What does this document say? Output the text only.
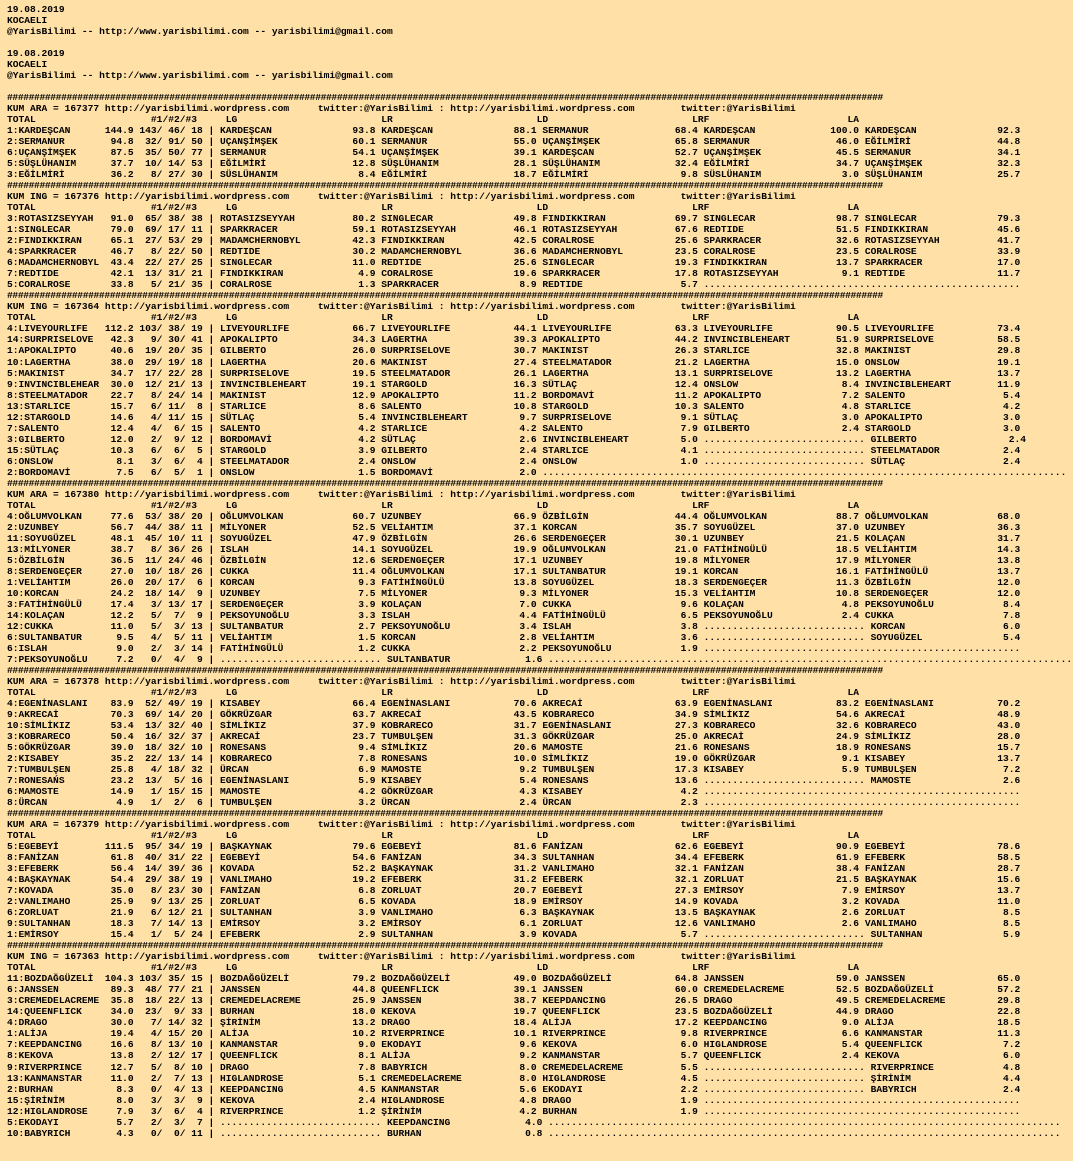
19.08.2019
KOCAELI
@YarisBilimi -- http://www.yarisbilimi.com -- yarisbilimi@gmail.com
19.08.2019
KOCAELI
@YarisBilimi -- http://www.yarisbilimi.com -- yarisbilimi@gmail.com
##################################################################################################################################################################
KUM ARA = 167377 http://yarisbilimi.wordpress.com     twitter:@YarisBilimi : http://yarisbilimi.wordpress.com        twitter:@YarisBilimi
TOTAL                    #1/#2/#3     LG                         LR                         LD                         LRF                        LA
1:KARDEŞCAN      144.9 143/ 46/ 18 | KARDEŞCAN              93.8 KARDEŞCAN              88.1 SERMANUR               68.4 KARDEŞCAN             100.0 KARDEŞCAN              92.3
2:SERMANUR        94.8  32/ 91/ 50 | UÇANŞİMŞEK             60.1 SERMANUR               55.0 UÇANŞİMŞEK             65.8 SERMANUR               46.0 EĞİLMİRİ               44.8
6:UÇANŞİMŞEK      87.5  35/ 50/ 77 | SERMANUR               54.1 UÇANŞİMŞEK             39.1 KARDEŞCAN              52.7 UÇANŞİMŞEK             45.5 SERMANUR               34.1
5:SÜŞLÜHANIM      37.7  10/ 14/ 53 | EĞİLMİRİ               12.8 SÜŞLÜHANIM             28.1 SÜŞLÜHANIM             32.4 EĞİLMİRİ               34.7 UÇANŞİMŞEK             32.3
3:EĞİLMİRİ        36.2   8/ 27/ 30 | SÜSLÜHANIM              8.4 EĞİLMİRİ               18.7 EĞİLMİRİ                9.8 SÜSLÜHANIM              3.0 SÜŞLÜHANIM             25.7
##################################################################################################################################################################
KUM ING = 167376 http://yarisbilimi.wordpress.com     twitter:@YarisBilimi : http://yarisbilimi.wordpress.com        twitter:@YarisBilimi
TOTAL                    #1/#2/#3     LG                         LR                         LD                         LRF                        LA
3:ROTASIZSEYYAH   91.0  65/ 38/ 38 | ROTASIZSEYYAH          80.2 SINGLECAR              49.8 FINDIKKIRAN            69.7 SINGLECAR              98.7 SINGLECAR              79.3
1:SINGLECAR       79.0  69/ 17/ 11 | SPARKRACER             59.1 ROTASIZSEYYAH          46.1 ROTASIZSEYYAH          67.6 REDTIDE                51.5 FINDIKKIRAN            45.6
2:FINDIKKIRAN     65.1  27/ 53/ 29 | MADAMCHERNOBYL         42.3 FINDIKKIRAN            42.5 CORALROSE              25.6 SPARKRACER             32.6 ROTASIZSEYYAH          41.7
4:SPARKRACER      46.7   8/ 22/ 50 | REDTIDE                30.2 MADAMCHERNOBYL         36.6 MADAMCHERNOBYL         23.5 CORALROSE              23.5 CORALROSE              33.9
6:MADAMCHERNOBYL  43.4  22/ 27/ 25 | SINGLECAR              11.0 REDTIDE                25.6 SINGLECAR              19.3 FINDIKKIRAN            13.7 SPARKRACER             17.0
7:REDTIDE         42.1  13/ 31/ 21 | FINDIKKIRAN             4.9 CORALROSE              19.6 SPARKRACER             17.8 ROTASIZSEYYAH           9.1 REDTIDE                11.7
5:CORALROSE       33.8   5/ 21/ 35 | CORALROSE               1.3 SPARKRACER              8.9 REDTIDE                 5.7 .......................................................
##################################################################################################################################################################
KUM ING = 167364 http://yarisbilimi.wordpress.com     twitter:@YarisBilimi : http://yarisbilimi.wordpress.com        twitter:@YarisBilimi
TOTAL                    #1/#2/#3     LG                         LR                         LD                         LRF                        LA
4:LIVEYOURLIFE   112.2 103/ 38/ 19 | LIVEYOURLIFE           66.7 LIVEYOURLIFE           44.1 LIVEYOURLIFE           63.3 LIVEYOURLIFE           90.5 LIVEYOURLIFE           73.4
14:SURPRISELOVE   42.3   9/ 30/ 41 | APOKALIPTO             34.3 LAGERTHA               39.3 APOKALIPTO             44.2 INVINCIBLEHEART        51.9 SURPRISELOVE           58.5
1:APOKALIPTO      40.6  19/ 20/ 35 | GILBERTO               26.0 SURPRISELOVE           30.7 MAKINIST               26.3 STARLICE               32.8 MAKINIST               29.8
10:LAGERTHA       38.0  29/ 19/ 18 | LAGERTHA               20.6 MAKINIST               27.4 STEELMATADOR           21.2 LAGERTHA               15.0 ONSLOW                 19.1
5:MAKINIST        34.7  17/ 22/ 28 | SURPRISELOVE           19.5 STEELMATADOR           26.1 LAGERTHA               13.1 SURPRISELOVE           13.2 LAGERTHA               13.7
9:INVINCIBLEHEAR  30.0  12/ 21/ 13 | INVINCIBLEHEART        19.1 STARGOLD               16.3 SÜTLAÇ                 12.4 ONSLOW                  8.4 INVINCIBLEHEART        11.9
8:STEELMATADOR    22.7   8/ 24/ 14 | MAKINIST               12.9 APOKALIPTO             11.2 BORDOMAVİ              11.2 APOKALIPTO              7.2 SALENTO                 5.4
13:STARLICE       15.7   6/ 11/  8 | STARLICE                8.6 SALENTO                10.8 STARGOLD               10.3 SALENTO                 4.8 STARLICE                4.2
12:STARGOLD       14.6   4/ 11/ 15 | SÜTLAÇ                  5.4 INVINCIBLEHEART         9.7 SURPRISELOVE            9.1 SÜTLAÇ                  3.0 APOKALIPTO              3.0
7:SALENTO         12.4   4/  6/ 15 | SALENTO                 4.2 STARLICE                4.2 SALENTO                 7.9 GILBERTO                2.4 STARGOLD                3.0
3:GILBERTO        12.0   2/  9/ 12 | BORDOMAVİ               4.2 SÜTLAÇ                  2.6 INVINCIBLEHEART         5.0 ............................ GILBERTO                2.4
15:SÜTLAÇ         10.3   6/  6/  5 | STARGOLD                3.9 GILBERTO                2.4 STARLICE                4.1 ............................ STEELMATADOR           2.4
6:ONSLOW           8.1   3/  6/  4 | STEELMATADOR            2.4 ONSLOW                  2.4 ONSLOW                  1.0 ............................ SÜTLAÇ                 2.4
2:BORDOMAVİ        7.5   6/  5/  1 | ONSLOW                  1.5 BORDOMAVİ               2.0 ...........................................................................................
##################################################################################################################################################################
KUM ARA = 167380 http://yarisbilimi.wordpress.com     twitter:@YarisBilimi : http://yarisbilimi.wordpress.com        twitter:@YarisBilimi
TOTAL                    #1/#2/#3     LG                         LR                         LD                         LRF                        LA
4:OĞLUMVOLKAN     77.6  53/ 38/ 20 | OĞLUMVOLKAN            60.7 UZUNBEY                66.9 ÖZBİLGİN               44.4 OĞLUMVOLKAN            88.7 OĞLUMVOLKAN            68.0
2:UZUNBEY         56.7  44/ 38/ 11 | MİLYONER               52.5 VELİAHTIM              37.1 KORCAN                 35.7 SOYUGÜZEL              37.0 UZUNBEY                36.3
11:SOYUGÜZEL      48.1  45/ 10/ 11 | SOYUGÜZEL              47.9 ÖZBİLGİN               26.6 SERDENGEÇER            30.1 UZUNBEY                21.5 KOLAÇAN                31.7
13:MİLYONER       38.7   8/ 36/ 26 | ISLAH                  14.1 SOYUGÜZEL              19.9 OĞLUMVOLKAN            21.0 FATİHİNGÜLÜ            18.5 VELİAHTIM              14.3
5:ÖZBİLGİN        36.5  11/ 24/ 46 | ÖZBİLGİN               12.6 SERDENGEÇER            17.1 UZUNBEY                19.8 MİLYONER               17.9 MİLYONER               13.8
8:SERDENGEÇER     27.0  10/ 18/ 26 | CUKKA                  11.4 OĞLUMVOLKAN            17.1 SULTANBATUR            19.1 KORCAN                 16.1 FATİHİNGÜLÜ            13.7
1:VELİAHTIM       26.0  20/ 17/  6 | KORCAN                  9.3 FATİHİNGÜLÜ            13.8 SOYUGÜZEL              18.3 SERDENGEÇER            11.3 ÖZBİLGİN               12.0
10:KORCAN         24.2  18/ 14/  9 | UZUNBEY                 7.5 MİLYONER                9.3 MİLYONER               15.3 VELİAHTIM              10.8 SERDENGEÇER            12.0
3:FATİHİNGÜLÜ     17.4   3/ 13/ 17 | SERDENGEÇER             3.9 KOLAÇAN                 7.0 CUKKA                   9.6 KOLAÇAN                 4.8 PEKSOYUNOĞLU            8.4
14:KOLAÇAN        12.2   5/  7/  9 | PEKSOYUNOĞLU            3.3 ISLAH                   4.4 FATİHİNGÜLÜ             6.5 PEKSOYUNOĞLU            2.4 CUKKA                   7.8
12:CUKKA          11.0   5/  3/ 13 | SULTANBATUR             2.7 PEKSOYUNOĞLU            3.4 ISLAH                   3.8 ............................ KORCAN                 6.0
6:SULTANBATUR      9.5   4/  5/ 11 | VELİAHTIM               1.5 KORCAN                  2.8 VELİAHTIM               3.6 ............................ SOYUGÜZEL              5.4
6:ISLAH            9.0   2/  3/ 14 | FATİHİNGÜLÜ             1.2 CUKKA                   2.2 PEKSOYUNOĞLU            1.9 .......................................................
7:PEKSOYUNOĞLU     7.2   0/  4/  9 | ............................ SULTANBATUR             1.6 ...........................................................................................
##################################################################################################################################################################
KUM ARA = 167378 http://yarisbilimi.wordpress.com     twitter:@YarisBilimi : http://yarisbilimi.wordpress.com        twitter:@YarisBilimi
TOTAL                    #1/#2/#3     LG                         LR                         LD                         LRF                        LA
4:EGENİNASLANI    83.9  52/ 49/ 19 | KISABEY                66.4 EGENİNASLANI           70.6 AKRECAİ                63.9 EGENİNASLANI           83.2 EGENİNASLANI           70.2
9:AKRECAİ         70.3  69/ 14/ 20 | GÖKRÜZGAR              63.7 AKRECAİ                43.5 KOBRARECO              34.9 SİMLİKIZ               54.6 AKRECAİ                48.9
10:SİMLİKIZ       53.4  13/ 32/ 40 | SİMLİKIZ               37.9 KOBRARECO              31.7 EGENİNASLANI           27.3 KOBRARECO              32.6 KOBRARECO              43.0
3:KOBRARECO       50.4  16/ 32/ 37 | AKRECAİ                23.7 TUMBULŞEN              31.3 GÖKRÜZGAR              25.0 AKRECAİ                24.9 SİMLİKIZ               28.0
5:GÖKRÜZGAR       39.0  18/ 32/ 10 | RONESANS                9.4 SİMLİKIZ               20.6 MAMOSTE                21.6 RONESANS               18.9 RONESANS               15.7
2:KISABEY         35.2  22/ 13/ 14 | KOBRARECO               7.8 RONESANS               10.0 SİMLİKIZ               19.0 GÖKRÜZGAR               9.1 KISABEY                13.7
7:TUMBULŞEN       25.8   4/ 18/ 32 | ÜRCAN                   6.9 MAMOSTE                 9.2 TUMBULŞEN              17.3 KISABEY                 5.9 TUMBULŞEN               7.2
7:RONESAŃS        23.2  13/  5/ 16 | EGENİNASLANI            5.9 KISABEY                 5.4 RONESANS               13.6 ............................ MAMOSTE                2.6
6:MAMOSTE         14.9   1/ 15/ 15 | MAMOSTE                 4.2 GÖKRÜZGAR               4.3 KISABEY                 4.2 .......................................................
8:ÜRCAN            4.9   1/  2/  6 | TUMBULŞEN               3.2 ÜRCAN                   2.4 ÜRCAN                   2.3 .......................................................
##################################################################################################################################################################
KUM ARA = 167379 http://yarisbilimi.wordpress.com     twitter:@YarisBilimi : http://yarisbilimi.wordpress.com        twitter:@YarisBilimi
TOTAL                    #1/#2/#3     LG                         LR                         LD                         LRF                        LA
5:EGEBEYİ        111.5  95/ 34/ 19 | BAŞKAYNAK              79.6 EGEBEYİ                81.6 FANİZAN                62.6 EGEBEYİ                90.9 EGEBEYİ                78.6
8:FANİZAN         61.8  40/ 31/ 22 | EGEBEYİ                54.6 FANİZAN                34.3 SULTANHAN              34.4 EFEBERK                61.9 EFEBERK                58.5
3:EFEBERK         56.4  14/ 39/ 36 | KOVADA                 52.2 BAŞKAYNAK              31.2 VANLIMAHO              32.1 FANİZAN                38.4 FANİZAN                28.7
4:BAŞKAYNAK       54.4  29/ 38/ 19 | VANLIMAHO              19.2 EFEBERK                31.2 EFEBERK                32.1 ZORLUAT                21.5 BAŞKAYNAK              15.6
7:KOVADA          35.0   8/ 23/ 30 | FANİZAN                 6.8 ZORLUAT                20.7 EGEBEYİ                27.3 EMİRSOY                 7.9 EMİRSOY                13.7
2:VANLIMAHO       25.9   9/ 13/ 25 | ZORLUAT                 6.5 KOVADA                 18.9 EMİRSOY                14.9 KOVADA                  3.2 KOVADA                 11.0
6:ZORLUAT         21.9   6/ 12/ 21 | SULTANHAN               3.9 VANLIMAHO               6.3 BAŞKAYNAK              13.5 BAŞKAYNAK               2.6 ZORLUAT                 8.5
9:SULTANHAN       18.3   7/ 14/ 13 | EMİRSOY                 3.2 EMİRSOY                 6.1 ZORLUAT                12.6 VANLIMAHO               2.6 VANLIMAHO               8.5
1:EMİRSOY         15.4   1/  5/ 24 | EFEBERK                 2.9 SULTANHAN               3.9 KOVADA                  5.7 ............................ SULTANHAN              5.9
##################################################################################################################################################################
KUM ING = 167363 http://yarisbilimi.wordpress.com     twitter:@YarisBilimi : http://yarisbilimi.wordpress.com        twitter:@YarisBilimi
TOTAL                    #1/#2/#3     LG                         LR                         LD                         LRF                        LA
11:BOZDAĞGÜZELİ  104.3 103/ 35/ 15 | BOZDAĞGÜZELİ           79.2 BOZDAĞGÜZELİ           49.0 BOZDAĞGÜZELİ           64.8 JANSSEN                59.0 JANSSEN                65.0
6:JANSSEN         89.3  48/ 77/ 21 | JANSSEN                44.8 QUEENFLICK             39.1 JANSSEN                60.0 CREMEDELACREME         52.5 BOZDAĞGÜZELİ           57.2
3:CREMEDELACREME  35.8  18/ 22/ 13 | CREMEDELACREME         25.9 JANSSEN                38.7 KEEPDANCING            26.5 DRAGO                  49.5 CREMEDELACREME         29.8
14:QUEENFLICK     34.0  23/  9/ 33 | BURHAN                 18.0 KEKOVA                 19.7 QUEENFLICK             23.5 BOZDAĞGÜZELİ           44.9 DRAGO                  22.8
4:DRAGO           30.0   7/ 14/ 32 | ŞİRİNİM                13.2 DRAGO                  18.4 ALİJA                  17.2 KEEPDANCING             9.0 ALİJA                  18.5
1:ALİJA           19.4   4/ 15/ 20 | ALİJA                  10.2 RIVERPRINCE            10.1 RIVERPRINCE             9.8 RIVERPRINCE             6.6 KANMANSTAR             11.3
7:KEEPDANCING     16.6   8/ 13/ 10 | KANMANSTAR              9.0 EKODAYI                 9.6 KEKOVA                  6.0 HIGLANDROSE             5.4 QUEENFLICK              7.2
8:KEKOVA          13.8   2/ 12/ 17 | QUEENFLICK              8.1 ALİJA                   9.2 KANMANSTAR              5.7 QUEENFLICK              2.4 KEKOVA                  6.0
9:RIVERPRINCE     12.7   5/  8/ 10 | DRAGO                   7.8 BABYRICH                8.0 CREMEDELACREME          5.5 ............................ RIVERPRINCE            4.8
13:KANMANSTAR     11.0   2/  7/ 13 | HIGLANDROSE             5.1 CREMEDELACREME          8.0 HIGLANDROSE             4.5 ............................ ŞİRİNİM                4.4
2:BURHAN           8.3   0/  4/ 13 | KEEPDANCING             4.5 KANMANSTAR              5.6 EKODAYI                 2.2 ............................ BABYRICH               2.4
15:ŞİRİNİM         8.0   3/  3/  9 | KEKOVA                  2.4 HIGLANDROSE             4.8 DRAGO                   1.9 .......................................................
12:HIGLANDROSE     7.9   3/  6/  4 | RIVERPRINCE             1.2 ŞİRİNİM                 4.2 BURHAN                  1.9 .......................................................
5:EKODAYI          5.7   2/  3/  7 | ............................ KEEPDANCING             4.0 .........................................................................................
10:BABYRICH        4.3   0/  0/ 11 | ............................ BURHAN                  0.8 .........................................................................................
